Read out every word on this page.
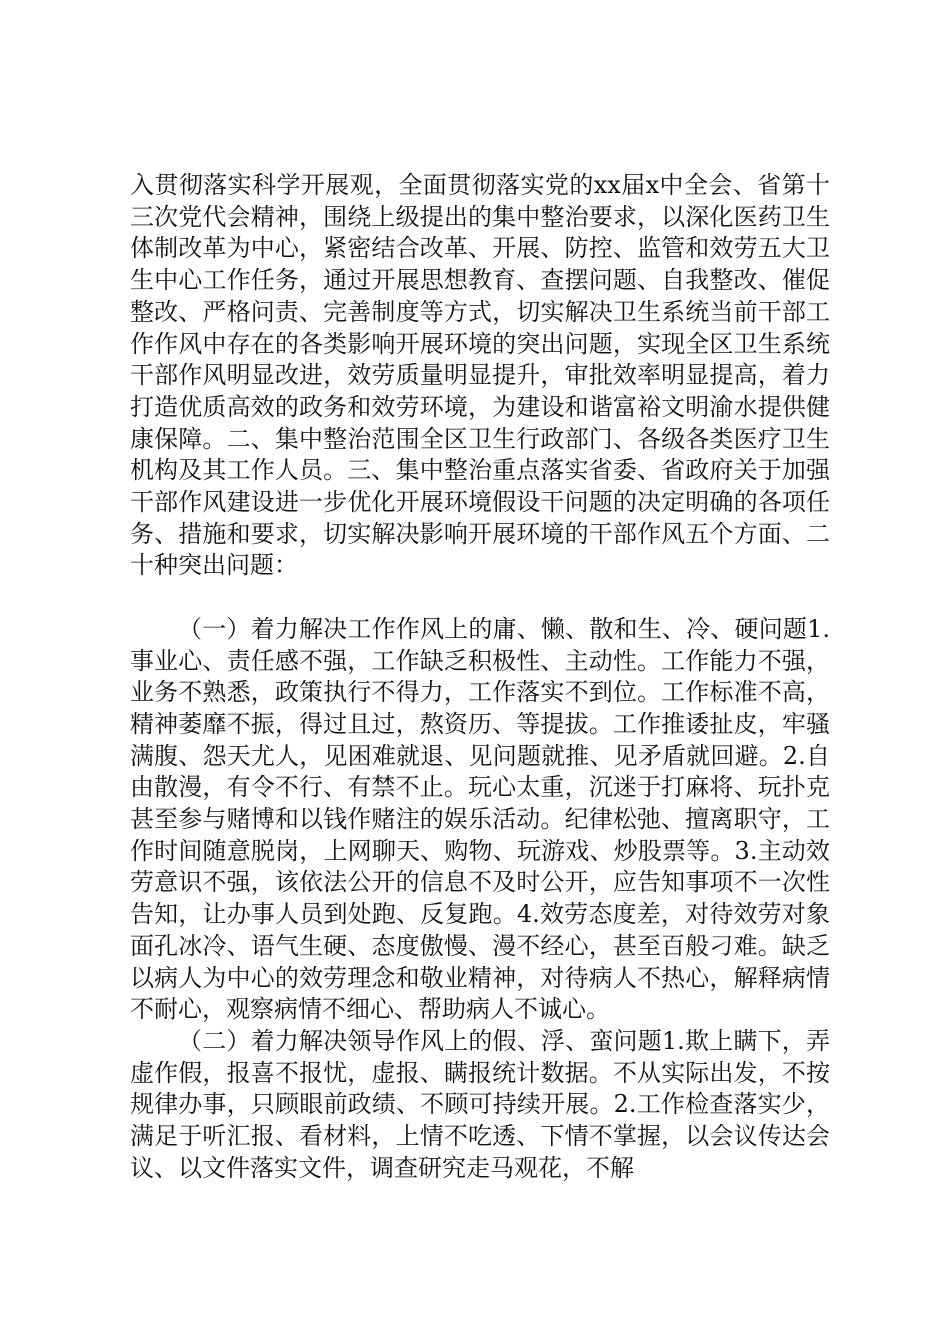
入贯彻落实科学开展观，全面贯彻落实党的xx届x中全会、省第十三次党代会精神，围绕上级提出的集中整治要求，以深化医药卫生体制改革为中心，紧密结合改革、开展、防控、监管和效劳五大卫生中心工作任务，通过开展思想教育、查摆问题、自我整改、催促整改、严格问责、完善制度等方式，切实解决卫生系统当前干部工作作风中存在的各类影响开展环境的突出问题，实现全区卫生系统干部作风明显改进，效劳质量明显提升，审批效率明显提高，着力打造优质高效的政务和效劳环境，为建设和谐富裕文明渝水提供健康保障。二、集中整治范围全区卫生行政部门、各级各类医疗卫生机构及其工作人员。三、集中整治重点落实省委、省政府关于加强干部作风建设进一步优化开展环境假设干问题的决定明确的各项任务、措施和要求，切实解决影响开展环境的干部作风五个方面、二十种突出问题：

（一）着力解决工作作风上的庸、懒、散和生、冷、硬问题1.事业心、责任感不强，工作缺乏积极性、主动性。工作能力不强，业务不熟悉，政策执行不得力，工作落实不到位。工作标准不高，精神萎靡不振，得过且过，熬资历、等提拔。工作推诿扯皮，牢骚满腹、怨天尤人，见困难就退、见问题就推、见矛盾就回避。2.自由散漫，有令不行、有禁不止。玩心太重，沉迷于打麻将、玩扑克甚至参与赌博和以钱作赌注的娱乐活动。纪律松弛、擅离职守，工作时间随意脱岗，上网聊天、购物、玩游戏、炒股票等。3.主动效劳意识不强，该依法公开的信息不及时公开，应告知事项不一次性告知，让办事人员到处跑、反复跑。4.效劳态度差，对待效劳对象面孔冰冷、语气生硬、态度傲慢、漫不经心，甚至百般刁难。缺乏以病人为中心的效劳理念和敬业精神，对待病人不热心，解释病情不耐心，观察病情不细心、帮助病人不诚心。

（二）着力解决领导作风上的假、浮、蛮问题1.欺上瞒下，弄虚作假，报喜不报忧，虚报、瞒报统计数据。不从实际出发，不按规律办事，只顾眼前政绩、不顾可持续开展。2.工作检查落实少，满足于听汇报、看材料，上情不吃透、下情不掌握，以会议传达会议、以文件落实文件，调查研究走马观花，不解
